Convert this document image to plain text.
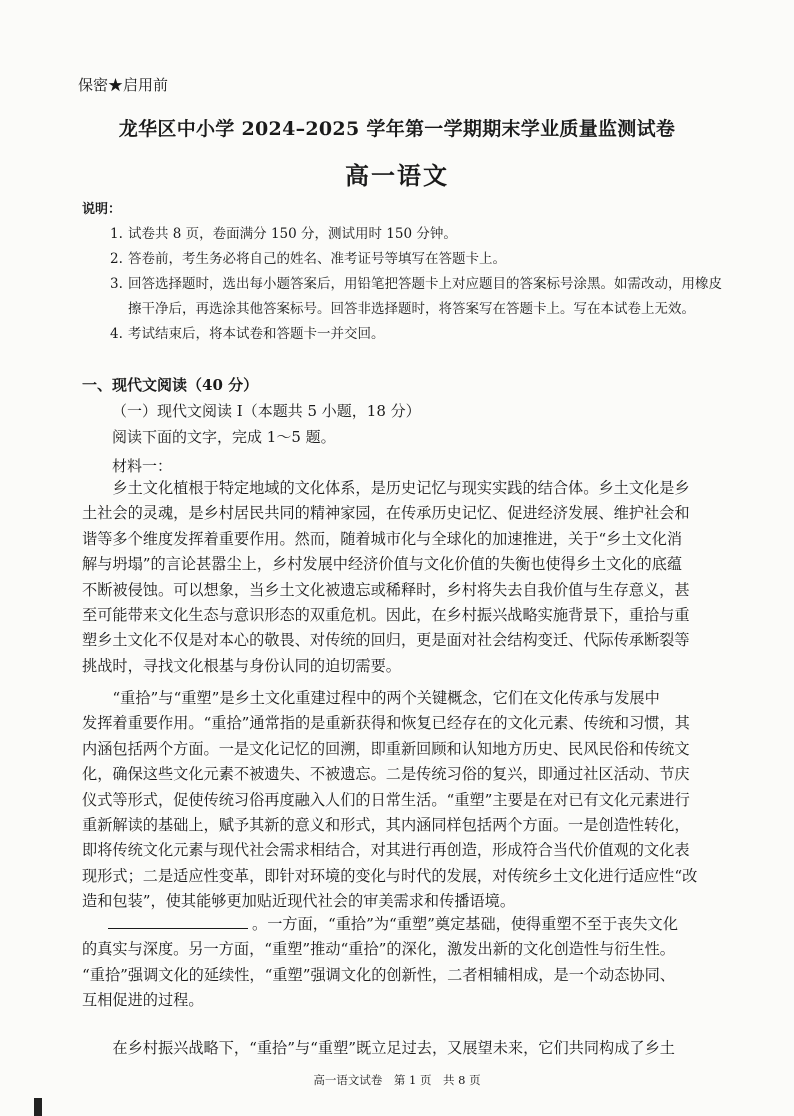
保密★启用前
龙华区中小学 2024–2025 学年第一学期期末学业质量监测试卷
高一语文
说明：
1. 试卷共 8 页，卷面满分 150 分，测试用时 150 分钟。
2. 答卷前，考生务必将自己的姓名、准考证号等填写在答题卡上。
3. 回答选择题时，选出每小题答案后，用铅笔把答题卡上对应题目的答案标号涂黑。如需改动，用橡皮
擦干净后，再选涂其他答案标号。回答非选择题时，将答案写在答题卡上。写在本试卷上无效。
4. 考试结束后，将本试卷和答题卡一并交回。
一、现代文阅读（40 分）
（一）现代文阅读 I（本题共 5 小题，18 分）
阅读下面的文字，完成 1～5 题。
材料一：
　　乡土文化植根于特定地域的文化体系，是历史记忆与现实实践的结合体。乡土文化是乡
土社会的灵魂，是乡村居民共同的精神家园，在传承历史记忆、促进经济发展、维护社会和
谐等多个维度发挥着重要作用。然而，随着城市化与全球化的加速推进，关于“乡土文化消
解与坍塌”的言论甚嚣尘上，乡村发展中经济价值与文化价值的失衡也使得乡土文化的底蕴
不断被侵蚀。可以想象，当乡土文化被遗忘或稀释时，乡村将失去自我价值与生存意义，甚
至可能带来文化生态与意识形态的双重危机。因此，在乡村振兴战略实施背景下，重拾与重
塑乡土文化不仅是对本心的敬畏、对传统的回归，更是面对社会结构变迁、代际传承断裂等
挑战时，寻找文化根基与身份认同的迫切需要。
　　“重拾”与“重塑”是乡土文化重建过程中的两个关键概念，它们在文化传承与发展中
发挥着重要作用。“重拾”通常指的是重新获得和恢复已经存在的文化元素、传统和习惯，其
内涵包括两个方面。一是文化记忆的回溯，即重新回顾和认知地方历史、民风民俗和传统文
化，确保这些文化元素不被遗失、不被遗忘。二是传统习俗的复兴，即通过社区活动、节庆
仪式等形式，促使传统习俗再度融入人们的日常生活。“重塑”主要是在对已有文化元素进行
重新解读的基础上，赋予其新的意义和形式，其内涵同样包括两个方面。一是创造性转化，
即将传统文化元素与现代社会需求相结合，对其进行再创造，形成符合当代价值观的文化表
现形式；二是适应性变革，即针对环境的变化与时代的发展，对传统乡土文化进行适应性“改
造和包装”，使其能够更加贴近现代社会的审美需求和传播语境。
。一方面，“重拾”为“重塑”奠定基础，使得重塑不至于丧失文化
的真实与深度。另一方面，“重塑”推动“重拾”的深化，激发出新的文化创造性与衍生性。
“重拾”强调文化的延续性，“重塑”强调文化的创新性，二者相辅相成，是一个动态协同、
互相促进的过程。
　　在乡村振兴战略下，“重拾”与“重塑”既立足过去，又展望未来，它们共同构成了乡土
高一语文试卷　第 1 页　共 8 页
